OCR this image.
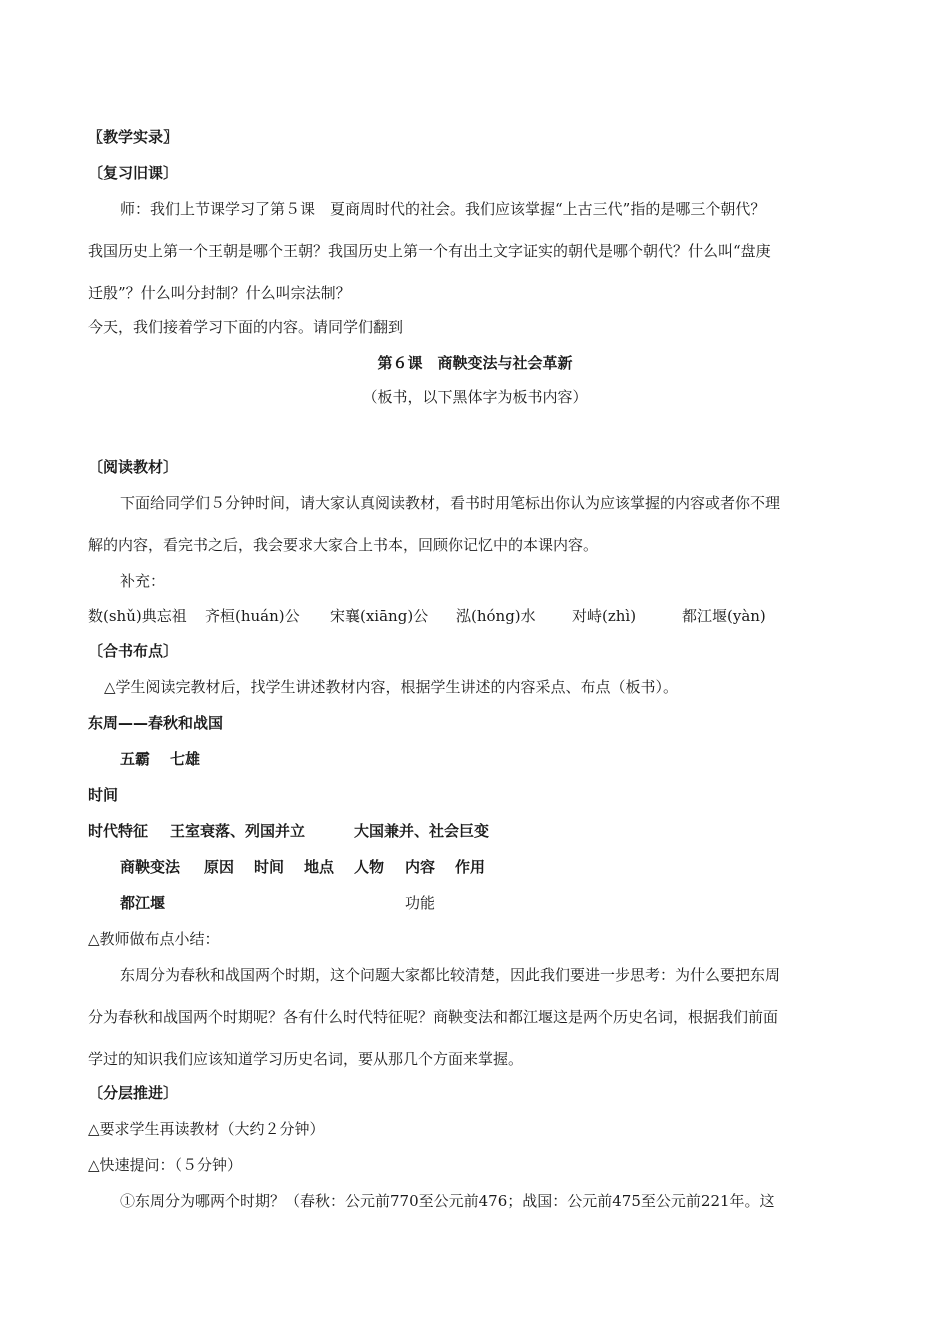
〖教学实录〗
〔复习旧课〕
师：我们上节课学习了第５课　夏商周时代的社会。我们应该掌握“上古三代”指的是哪三个朝代？
我国历史上第一个王朝是哪个王朝？我国历史上第一个有出土文字证实的朝代是哪个朝代？什么叫“盘庚
迁殷”？什么叫分封制？什么叫宗法制？
今天，我们接着学习下面的内容。请同学们翻到
第６课　商鞅变法与社会革新
（板书，以下黑体字为板书内容）
〔阅读教材〕
下面给同学们５分钟时间，请大家认真阅读教材，看书时用笔标出你认为应该掌握的内容或者你不理
解的内容，看完书之后，我会要求大家合上书本，回顾你记忆中的本课内容。
补充：
数(shǔ)典忘祖 齐桓(huán)公 宋襄(xiāng)公 泓(hóng)水 对峙(zhì)	都江堰(yàn)
〔合书布点〕
△学生阅读完教材后，找学生讲述教材内容，根据学生讲述的内容采点、布点（板书）。
东周——春秋和战国
五霸 七雄
时间
时代特征 王室衰落、列国并立	大国兼并、社会巨变
商鞅变法 原因 时间 地点 人物 内容 作用
都江堰	功能
△教师做布点小结：
东周分为春秋和战国两个时期，这个问题大家都比较清楚，因此我们要进一步思考：为什么要把东周
分为春秋和战国两个时期呢？各有什么时代特征呢？商鞅变法和都江堰这是两个历史名词，根据我们前面
学过的知识我们应该知道学习历史名词，要从那几个方面来掌握。
〔分层推进〕
△要求学生再读教材（大约２分钟）
△快速提问：（５分钟）
①东周分为哪两个时期？（春秋：公元前770至公元前476；战国：公元前475至公元前221年。这
